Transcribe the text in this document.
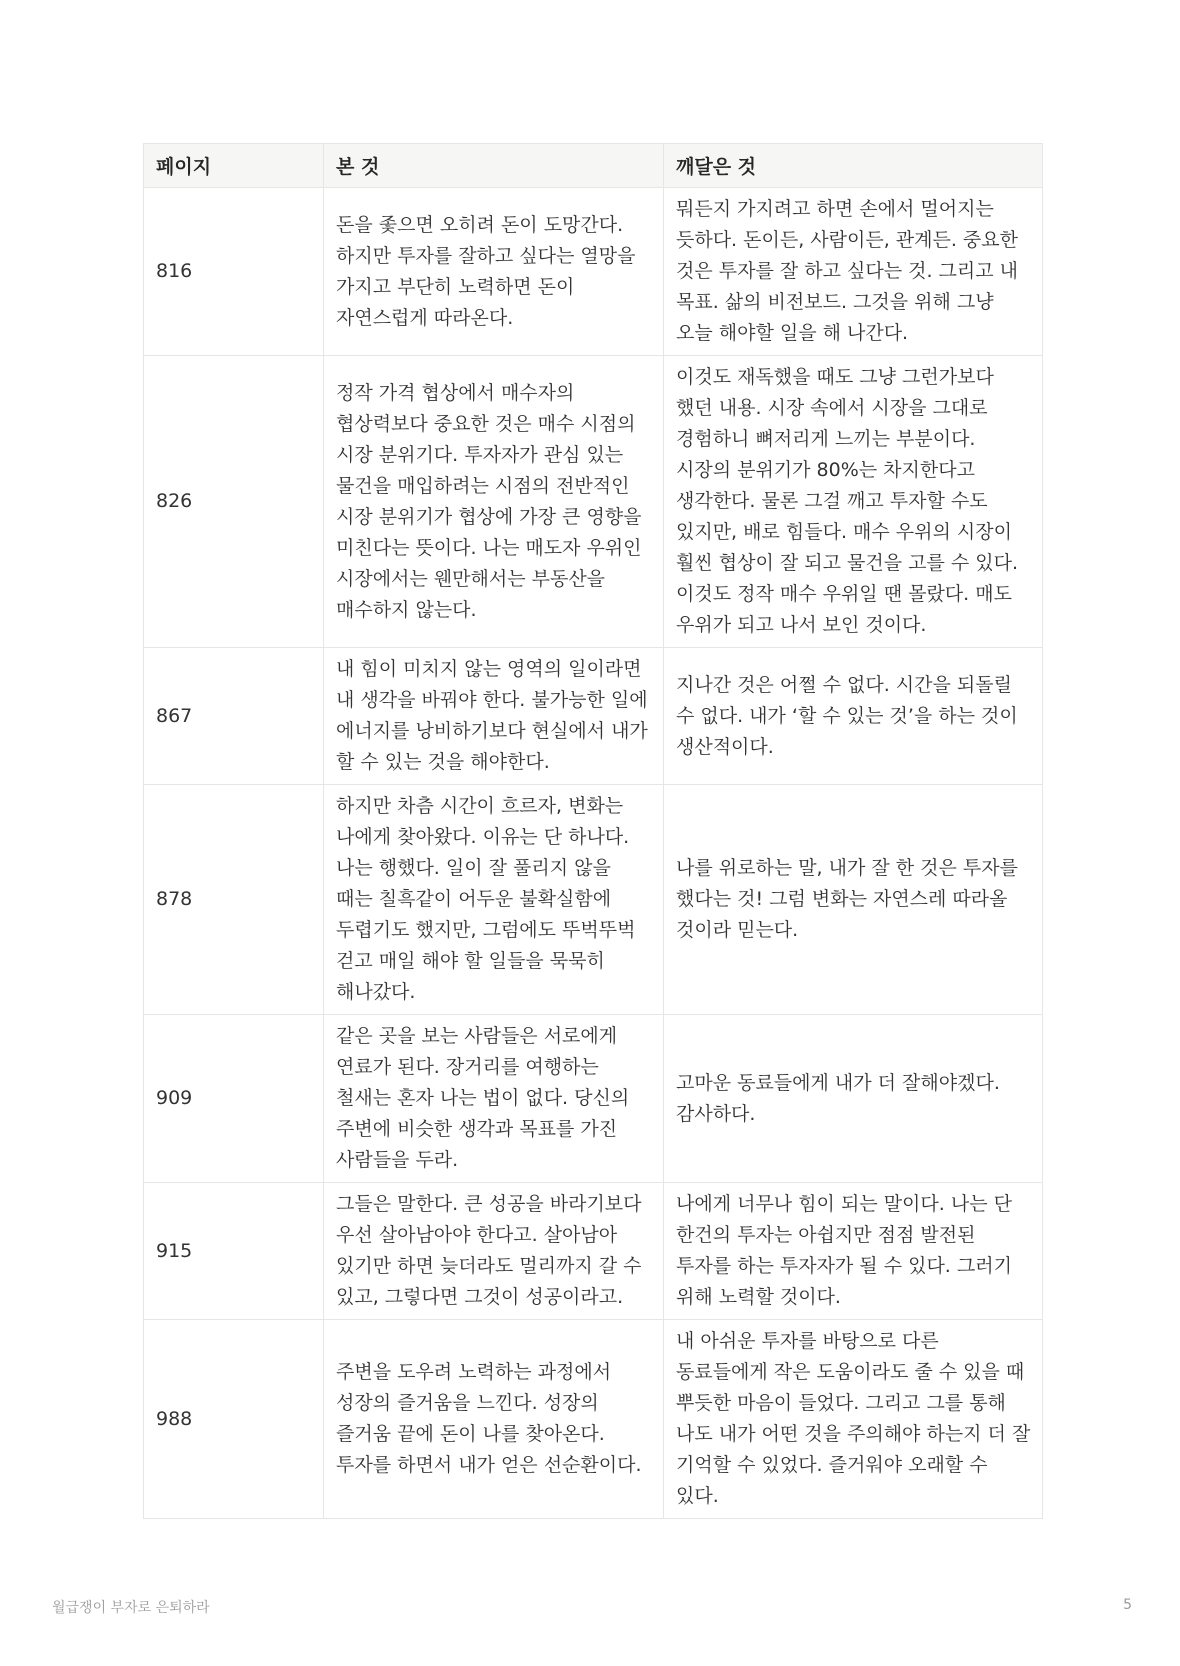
페이지	본 것	깨달은 것
816	돈을 좇으면 오히려 돈이 도망간다. 하지만 투자를 잘하고 싶다는 열망을 가지고 부단히 노력하면 돈이 자연스럽게 따라온다.	뭐든지 가지려고 하면 손에서 멀어지는 듯하다. 돈이든, 사람이든, 관계든. 중요한 것은 투자를 잘 하고 싶다는 것. 그리고 내 목표. 삶의 비전보드. 그것을 위해 그냥 오늘 해야할 일을 해 나간다.
826	정작 가격 협상에서 매수자의 협상력보다 중요한 것은 매수 시점의 시장 분위기다. 투자자가 관심 있는 물건을 매입하려는 시점의 전반적인 시장 분위기가 협상에 가장 큰 영향을 미친다는 뜻이다. 나는 매도자 우위인 시장에서는 웬만해서는 부동산을 매수하지 않는다.	이것도 재독했을 때도 그냥 그런가보다 했던 내용. 시장 속에서 시장을 그대로 경험하니 뼈저리게 느끼는 부분이다. 시장의 분위기가 80%는 차지한다고 생각한다. 물론 그걸 깨고 투자할 수도 있지만, 배로 힘들다. 매수 우위의 시장이 훨씬 협상이 잘 되고 물건을 고를 수 있다. 이것도 정작 매수 우위일 땐 몰랐다. 매도 우위가 되고 나서 보인 것이다.
867	내 힘이 미치지 않는 영역의 일이라면 내 생각을 바꿔야 한다. 불가능한 일에 에너지를 낭비하기보다 현실에서 내가 할 수 있는 것을 해야한다.	지나간 것은 어쩔 수 없다. 시간을 되돌릴 수 없다. 내가 ‘할 수 있는 것’을 하는 것이 생산적이다.
878	하지만 차츰 시간이 흐르자, 변화는 나에게 찾아왔다. 이유는 단 하나다. 나는 행했다. 일이 잘 풀리지 않을 때는 칠흑같이 어두운 불확실함에 두렵기도 했지만, 그럼에도 뚜벅뚜벅 걷고 매일 해야 할 일들을 묵묵히 해나갔다.	나를 위로하는 말, 내가 잘 한 것은 투자를 했다는 것! 그럼 변화는 자연스레 따라올 것이라 믿는다.
909	같은 곳을 보는 사람들은 서로에게 연료가 된다. 장거리를 여행하는 철새는 혼자 나는 법이 없다. 당신의 주변에 비슷한 생각과 목표를 가진 사람들을 두라.	고마운 동료들에게 내가 더 잘해야겠다. 감사하다.
915	그들은 말한다. 큰 성공을 바라기보다 우선 살아남아야 한다고. 살아남아 있기만 하면 늦더라도 멀리까지 갈 수 있고, 그렇다면 그것이 성공이라고.	나에게 너무나 힘이 되는 말이다. 나는 단 한건의 투자는 아쉽지만 점점 발전된 투자를 하는 투자자가 될 수 있다. 그러기 위해 노력할 것이다.
988	주변을 도우려 노력하는 과정에서 성장의 즐거움을 느낀다. 성장의 즐거움 끝에 돈이 나를 찾아온다. 투자를 하면서 내가 얻은 선순환이다.	내 아쉬운 투자를 바탕으로 다른 동료들에게 작은 도움이라도 줄 수 있을 때 뿌듯한 마음이 들었다. 그리고 그를 통해 나도 내가 어떤 것을 주의해야 하는지 더 잘 기억할 수 있었다. 즐거워야 오래할 수 있다.
월급쟁이 부자로 은퇴하라	5
